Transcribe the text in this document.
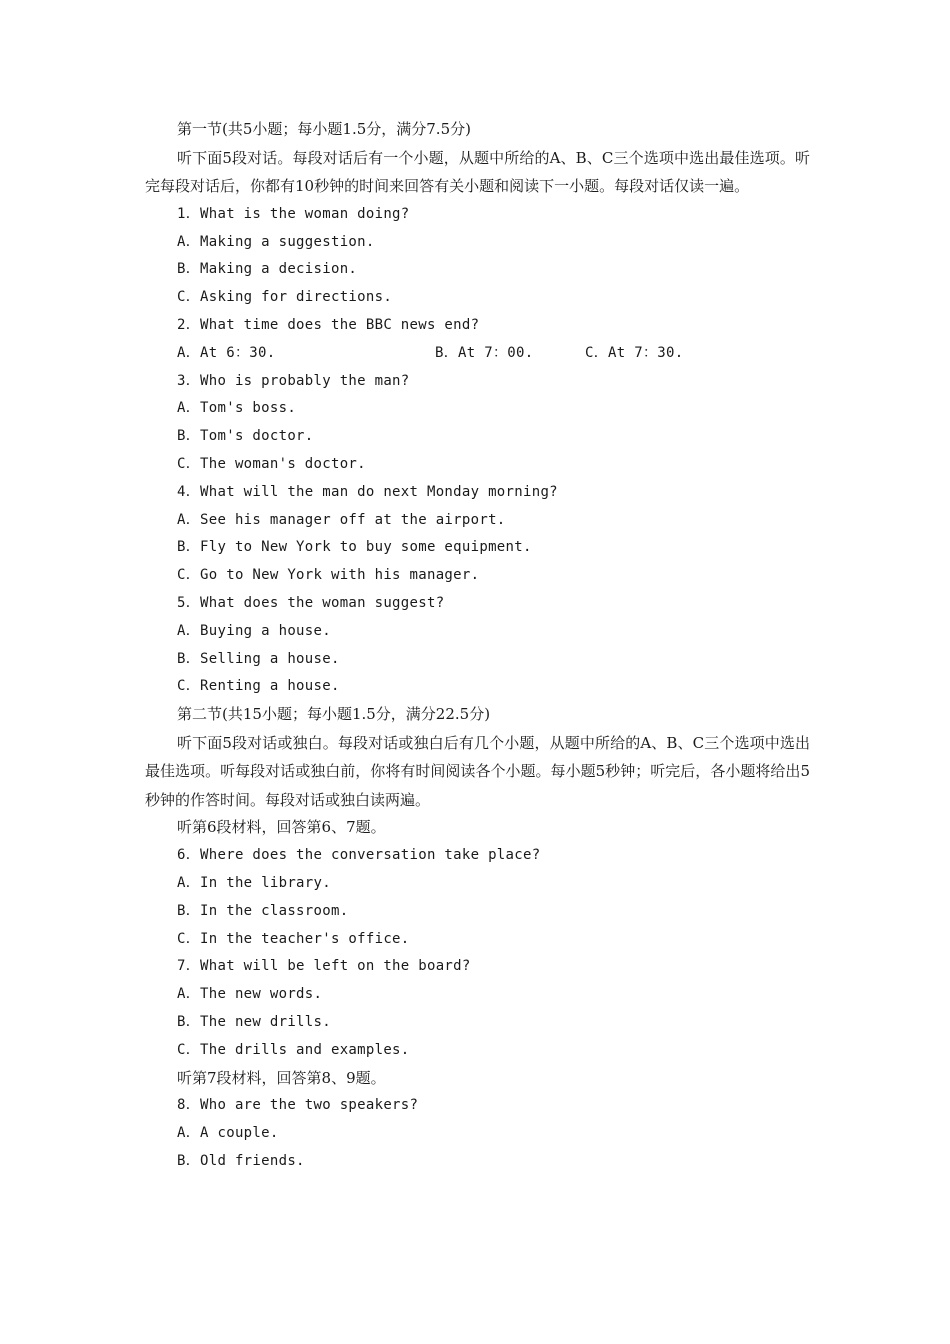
第一节(共5小题；每小题1.5分，满分7.5分)
听下面5段对话。每段对话后有一个小题，从题中所给的A、B、C三个选项中选出最佳选项。听完每段对话后，你都有10秒钟的时间来回答有关小题和阅读下一小题。每段对话仅读一遍。
1．What is the woman doing?
A．Making a suggestion.
B．Making a decision.
C．Asking for directions.
2．What time does the BBC news end?
A．At 6：30.	B．At 7：00.	C．At 7：30.
3．Who is probably the man?
A．Tom's boss.
B．Tom's doctor.
C．The woman's doctor.
4．What will the man do next Monday morning?
A．See his manager off at the airport.
B．Fly to New York to buy some equipment.
C．Go to New York with his manager.
5．What does the woman suggest?
A．Buying a house.
B．Selling a house.
C．Renting a house.
第二节(共15小题；每小题1.5分，满分22.5分)
听下面5段对话或独白。每段对话或独白后有几个小题，从题中所给的A、B、C三个选项中选出最佳选项。听每段对话或独白前，你将有时间阅读各个小题。每小题5秒钟；听完后，各小题将给出5秒钟的作答时间。每段对话或独白读两遍。
听第6段材料，回答第6、7题。
6．Where does the conversation take place?
A．In the library.
B．In the classroom.
C．In the teacher's office.
7．What will be left on the board?
A．The new words.
B．The new drills.
C．The drills and examples.
听第7段材料，回答第8、9题。
8．Who are the two speakers?
A．A couple.
B．Old friends.
